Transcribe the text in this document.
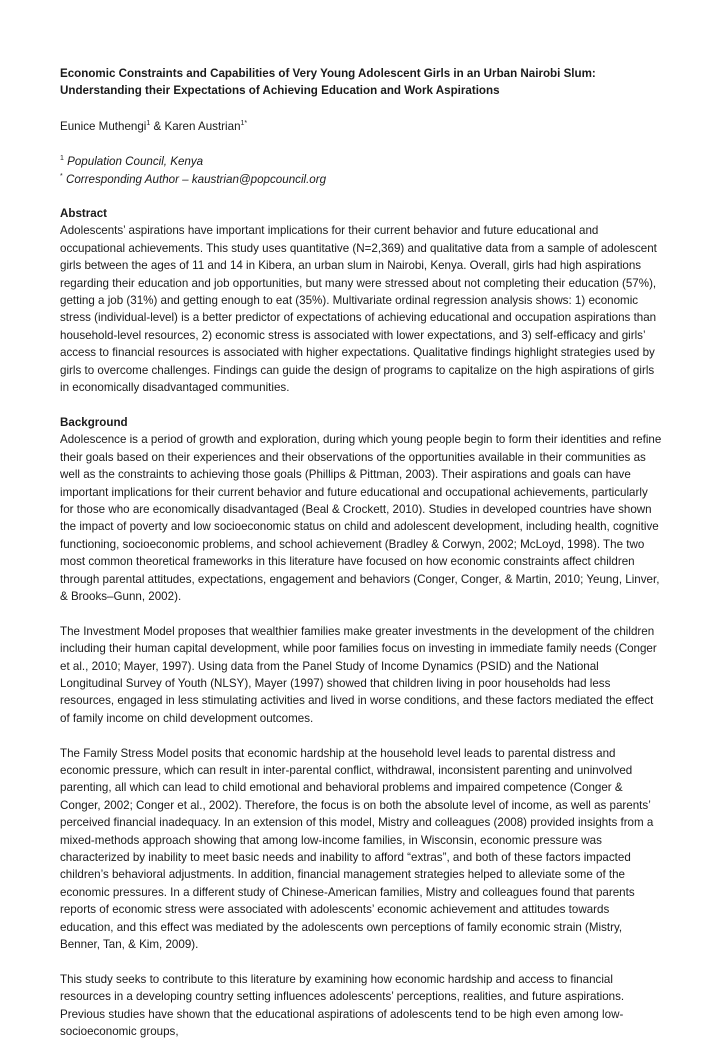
Economic Constraints and Capabilities of Very Young Adolescent Girls in an Urban Nairobi Slum: Understanding their Expectations of Achieving Education and Work Aspirations

Eunice Muthengi$^1$ & Karen Austrian$^{1*}$

$^1$ Population Council, Kenya

* Corresponding Author – kaustrian@popcouncil.org

Abstract

Adolescents’ aspirations have important implications for their current behavior and future educational and occupational achievements. This study uses quantitative (N=2,369) and qualitative data from a sample of adolescent girls between the ages of 11 and 14 in Kibera, an urban slum in Nairobi, Kenya. Overall, girls had high aspirations regarding their education and job opportunities, but many were stressed about not completing their education (57%), getting a job (31%) and getting enough to eat (35%). Multivariate ordinal regression analysis shows: 1) economic stress (individual-level) is a better predictor of expectations of achieving educational and occupation aspirations than household-level resources, 2) economic stress is associated with lower expectations, and 3) self-efficacy and girls’ access to financial resources is associated with higher expectations. Qualitative findings highlight strategies used by girls to overcome challenges. Findings can guide the design of programs to capitalize on the high aspirations of girls in economically disadvantaged communities.

Background

Adolescence is a period of growth and exploration, during which young people begin to form their identities and refine their goals based on their experiences and their observations of the opportunities available in their communities as well as the constraints to achieving those goals (Phillips & Pittman, 2003). Their aspirations and goals can have important implications for their current behavior and future educational and occupational achievements, particularly for those who are economically disadvantaged (Beal & Crockett, 2010). Studies in developed countries have shown the impact of poverty and low socioeconomic status on child and adolescent development, including health, cognitive functioning, socioeconomic problems, and school achievement (Bradley & Corwyn, 2002; McLoyd, 1998). The two most common theoretical frameworks in this literature have focused on how economic constraints affect children through parental attitudes, expectations, engagement and behaviors (Conger, Conger, & Martin, 2010; Yeung, Linver, & Brooks–Gunn, 2002).

The Investment Model proposes that wealthier families make greater investments in the development of the children including their human capital development, while poor families focus on investing in immediate family needs (Conger et al., 2010; Mayer, 1997). Using data from the Panel Study of Income Dynamics (PSID) and the National Longitudinal Survey of Youth (NLSY), Mayer (1997) showed that children living in poor households had less resources, engaged in less stimulating activities and lived in worse conditions, and these factors mediated the effect of family income on child development outcomes.

The Family Stress Model posits that economic hardship at the household level leads to parental distress and economic pressure, which can result in inter-parental conflict, withdrawal, inconsistent parenting and uninvolved parenting, all which can lead to child emotional and behavioral problems and impaired competence (Conger & Conger, 2002; Conger et al., 2002). Therefore, the focus is on both the absolute level of income, as well as parents’ perceived financial inadequacy. In an extension of this model, Mistry and colleagues (2008) provided insights from a mixed-methods approach showing that among low-income families, in Wisconsin, economic pressure was characterized by inability to meet basic needs and inability to afford “extras”, and both of these factors impacted children’s behavioral adjustments. In addition, financial management strategies helped to alleviate some of the economic pressures. In a different study of Chinese-American families, Mistry and colleagues found that parents reports of economic stress were associated with adolescents’ economic achievement and attitudes towards education, and this effect was mediated by the adolescents own perceptions of family economic strain (Mistry, Benner, Tan, & Kim, 2009).

This study seeks to contribute to this literature by examining how economic hardship and access to financial resources in a developing country setting influences adolescents’ perceptions, realities, and future aspirations. Previous studies have shown that the educational aspirations of adolescents tend to be high even among low-socioeconomic groups,
